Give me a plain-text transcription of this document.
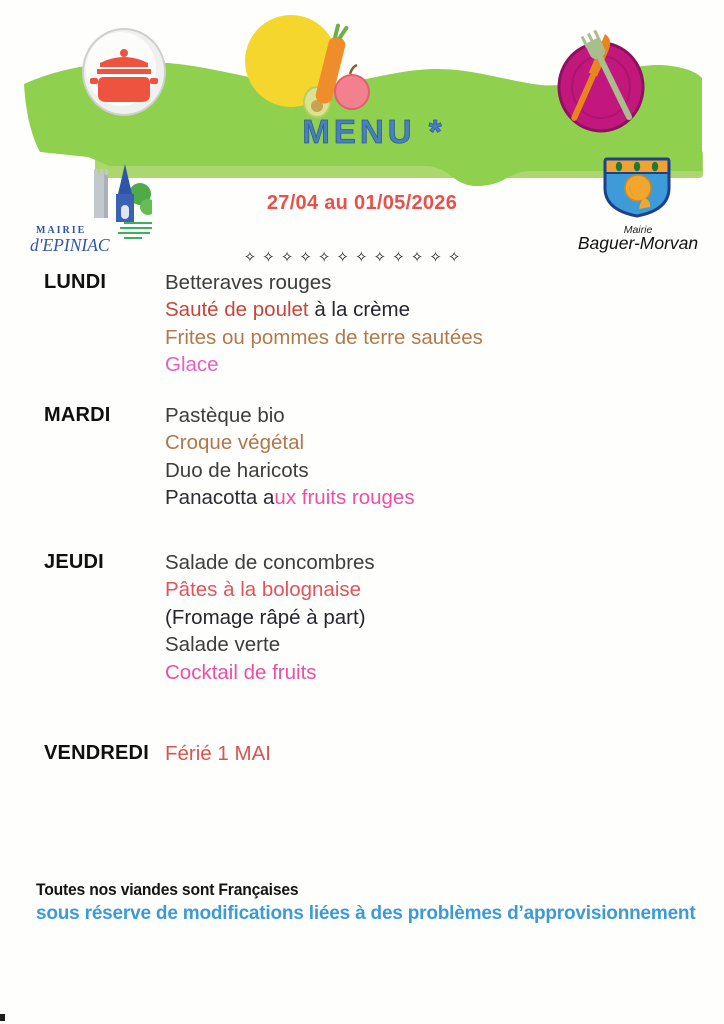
MENU *
MAIRIE
d'EPINIAC
27/04 au 01/05/2026
Mairie
Baguer-Morvan
✧✧✧✧✧✧✧✧✧✧✧✧
LUNDI	Betteraves rouges
Sauté de poulet à la crème
Frites ou pommes de terre sautées
Glace
MARDI	Pastèque bio
Croque végétal
Duo de haricots
Panacotta aux fruits rouges
JEUDI	Salade de concombres
Pâtes à la bolognaise
(Fromage râpé à part)
Salade verte
Cocktail de fruits
VENDREDI Férié 1 MAI
Toutes nos viandes sont Françaises
sous réserve de modifications liées à des problèmes d’approvisionnement
